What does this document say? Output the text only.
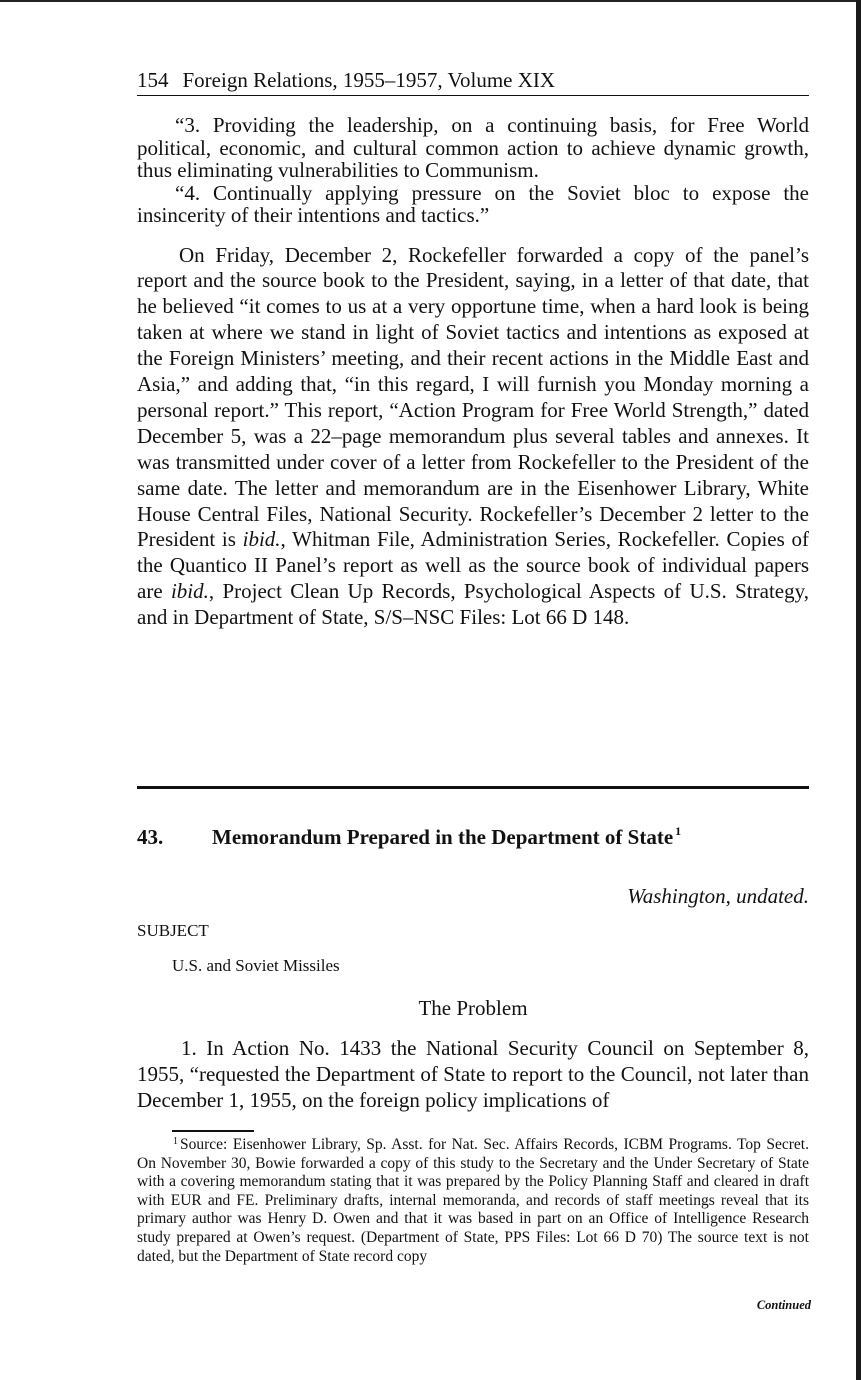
154 Foreign Relations, 1955–1957, Volume XIX

“3. Providing the leadership, on a continuing basis, for Free World political, economic, and cultural common action to achieve dynamic growth, thus eliminating vulnerabilities to Communism.

“4. Continually applying pressure on the Soviet bloc to expose the insincerity of their intentions and tactics.”

On Friday, December 2, Rockefeller forwarded a copy of the panel’s report and the source book to the President, saying, in a letter of that date, that he believed “it comes to us at a very opportune time, when a hard look is being taken at where we stand in light of Soviet tactics and intentions as exposed at the Foreign Ministers’ meeting, and their recent actions in the Middle East and Asia,” and adding that, “in this regard, I will furnish you Monday morning a personal report.” This report, “Action Program for Free World Strength,” dated December 5, was a 22–page memorandum plus several tables and annexes. It was transmitted under cover of a letter from Rockefeller to the President of the same date. The letter and memorandum are in the Eisenhower Library, White House Central Files, National Security. Rockefeller’s December 2 letter to the President is ibid., Whitman File, Administration Series, Rockefeller. Copies of the Quantico II Panel’s report as well as the source book of individual papers are ibid., Project Clean Up Records, Psychological Aspects of U.S. Strategy, and in Department of State, S/S–NSC Files: Lot 66 D 148.

43. Memorandum Prepared in the Department of State $^1$
Washington, undated.
SUBJECT
U.S. and Soviet Missiles
The Problem

1. In Action No. 1433 the National Security Council on September 8, 1955, “requested the Department of State to report to the Council, not later than December 1, 1955, on the foreign policy implications of

$^1$ Source: Eisenhower Library, Sp. Asst. for Nat. Sec. Affairs Records, ICBM Programs. Top Secret. On November 30, Bowie forwarded a copy of this study to the Secretary and the Under Secretary of State with a covering memorandum stating that it was prepared by the Policy Planning Staff and cleared in draft with EUR and FE. Preliminary drafts, internal memoranda, and records of staff meetings reveal that its primary author was Henry D. Owen and that it was based in part on an Office of Intelligence Research study prepared at Owen’s request. (Department of State, PPS Files: Lot 66 D 70) The source text is not dated, but the Department of State record copy

Continued
